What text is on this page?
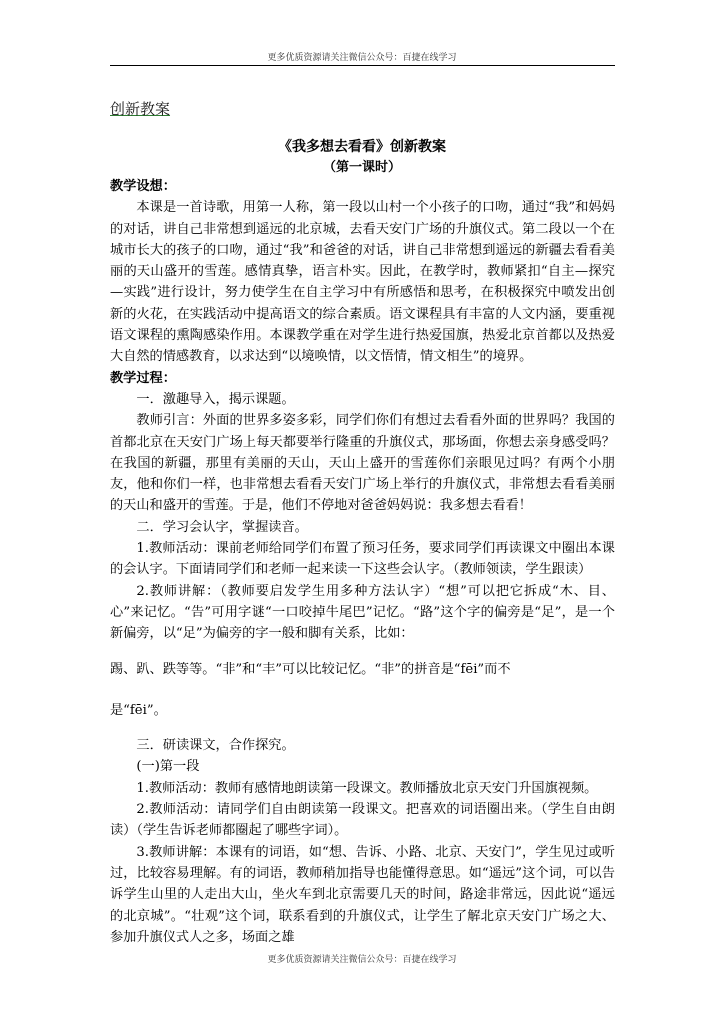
更多优质资源请关注微信公众号：百捷在线学习
创新教案
《我多想去看看》创新教案
（第一课时）

教学设想：

本课是一首诗歌，用第一人称，第一段以山村一个小孩子的口吻，通过“我”和妈妈的对话，讲自己非常想到遥远的北京城，去看天安门广场的升旗仪式。第二段以一个在城市长大的孩子的口吻，通过“我”和爸爸的对话，讲自己非常想到遥远的新疆去看看美丽的天山盛开的雪莲。感情真挚，语言朴实。因此，在教学时，教师紧扣“自主—探究—实践”进行设计，努力使学生在自主学习中有所感悟和思考，在积极探究中喷发出创新的火花，在实践活动中提高语文的综合素质。语文课程具有丰富的人文内涵，要重视语文课程的熏陶感染作用。本课教学重在对学生进行热爱国旗，热爱北京首都以及热爱大自然的情感教育，以求达到“以境唤情，以文悟情，情文相生”的境界。

教学过程：

一．激趣导入，揭示课题。

教师引言：外面的世界多姿多彩，同学们你们有想过去看看外面的世界吗？我国的首都北京在天安门广场上每天都要举行隆重的升旗仪式，那场面，你想去亲身感受吗？在我国的新疆，那里有美丽的天山，天山上盛开的雪莲你们亲眼见过吗？有两个小朋友，他和你们一样，也非常想去看看天安门广场上举行的升旗仪式，非常想去看看美丽的天山和盛开的雪莲。于是，他们不停地对爸爸妈妈说：我多想去看看！

二．学习会认字，掌握读音。

1.教师活动：课前老师给同学们布置了预习任务，要求同学们再读课文中圈出本课的会认字。下面请同学们和老师一起来读一下这些会认字。（教师领读，学生跟读）

2.教师讲解：（教师要启发学生用多种方法认字）“想”可以把它拆成“木、目、心”来记忆。“告”可用字谜“一口咬掉牛尾巴”记忆。“路”这个字的偏旁是“足”，是一个新偏旁，以“足”为偏旁的字一般和脚有关系，比如：

踢、趴、跌等等。“非”和“丰”可以比较记忆。“非”的拼音是“fēi”而不

是“fēi”。

三．研读课文，合作探究。

(一)第一段

1.教师活动：教师有感情地朗读第一段课文。教师播放北京天安门升国旗视频。

2.教师活动：请同学们自由朗读第一段课文。把喜欢的词语圈出来。（学生自由朗读）（学生告诉老师都圈起了哪些字词）。

3.教师讲解：本课有的词语，如“想、告诉、小路、北京、天安门”，学生见过或听过，比较容易理解。有的词语，教师稍加指导也能懂得意思。如“遥远”这个词，可以告诉学生山里的人走出大山，坐火车到北京需要几天的时间，路途非常远，因此说“遥远的北京城”。“壮观”这个词，联系看到的升旗仪式，让学生了解北京天安门广场之大、参加升旗仪式人之多，场面之雄

更多优质资源请关注微信公众号：百捷在线学习
